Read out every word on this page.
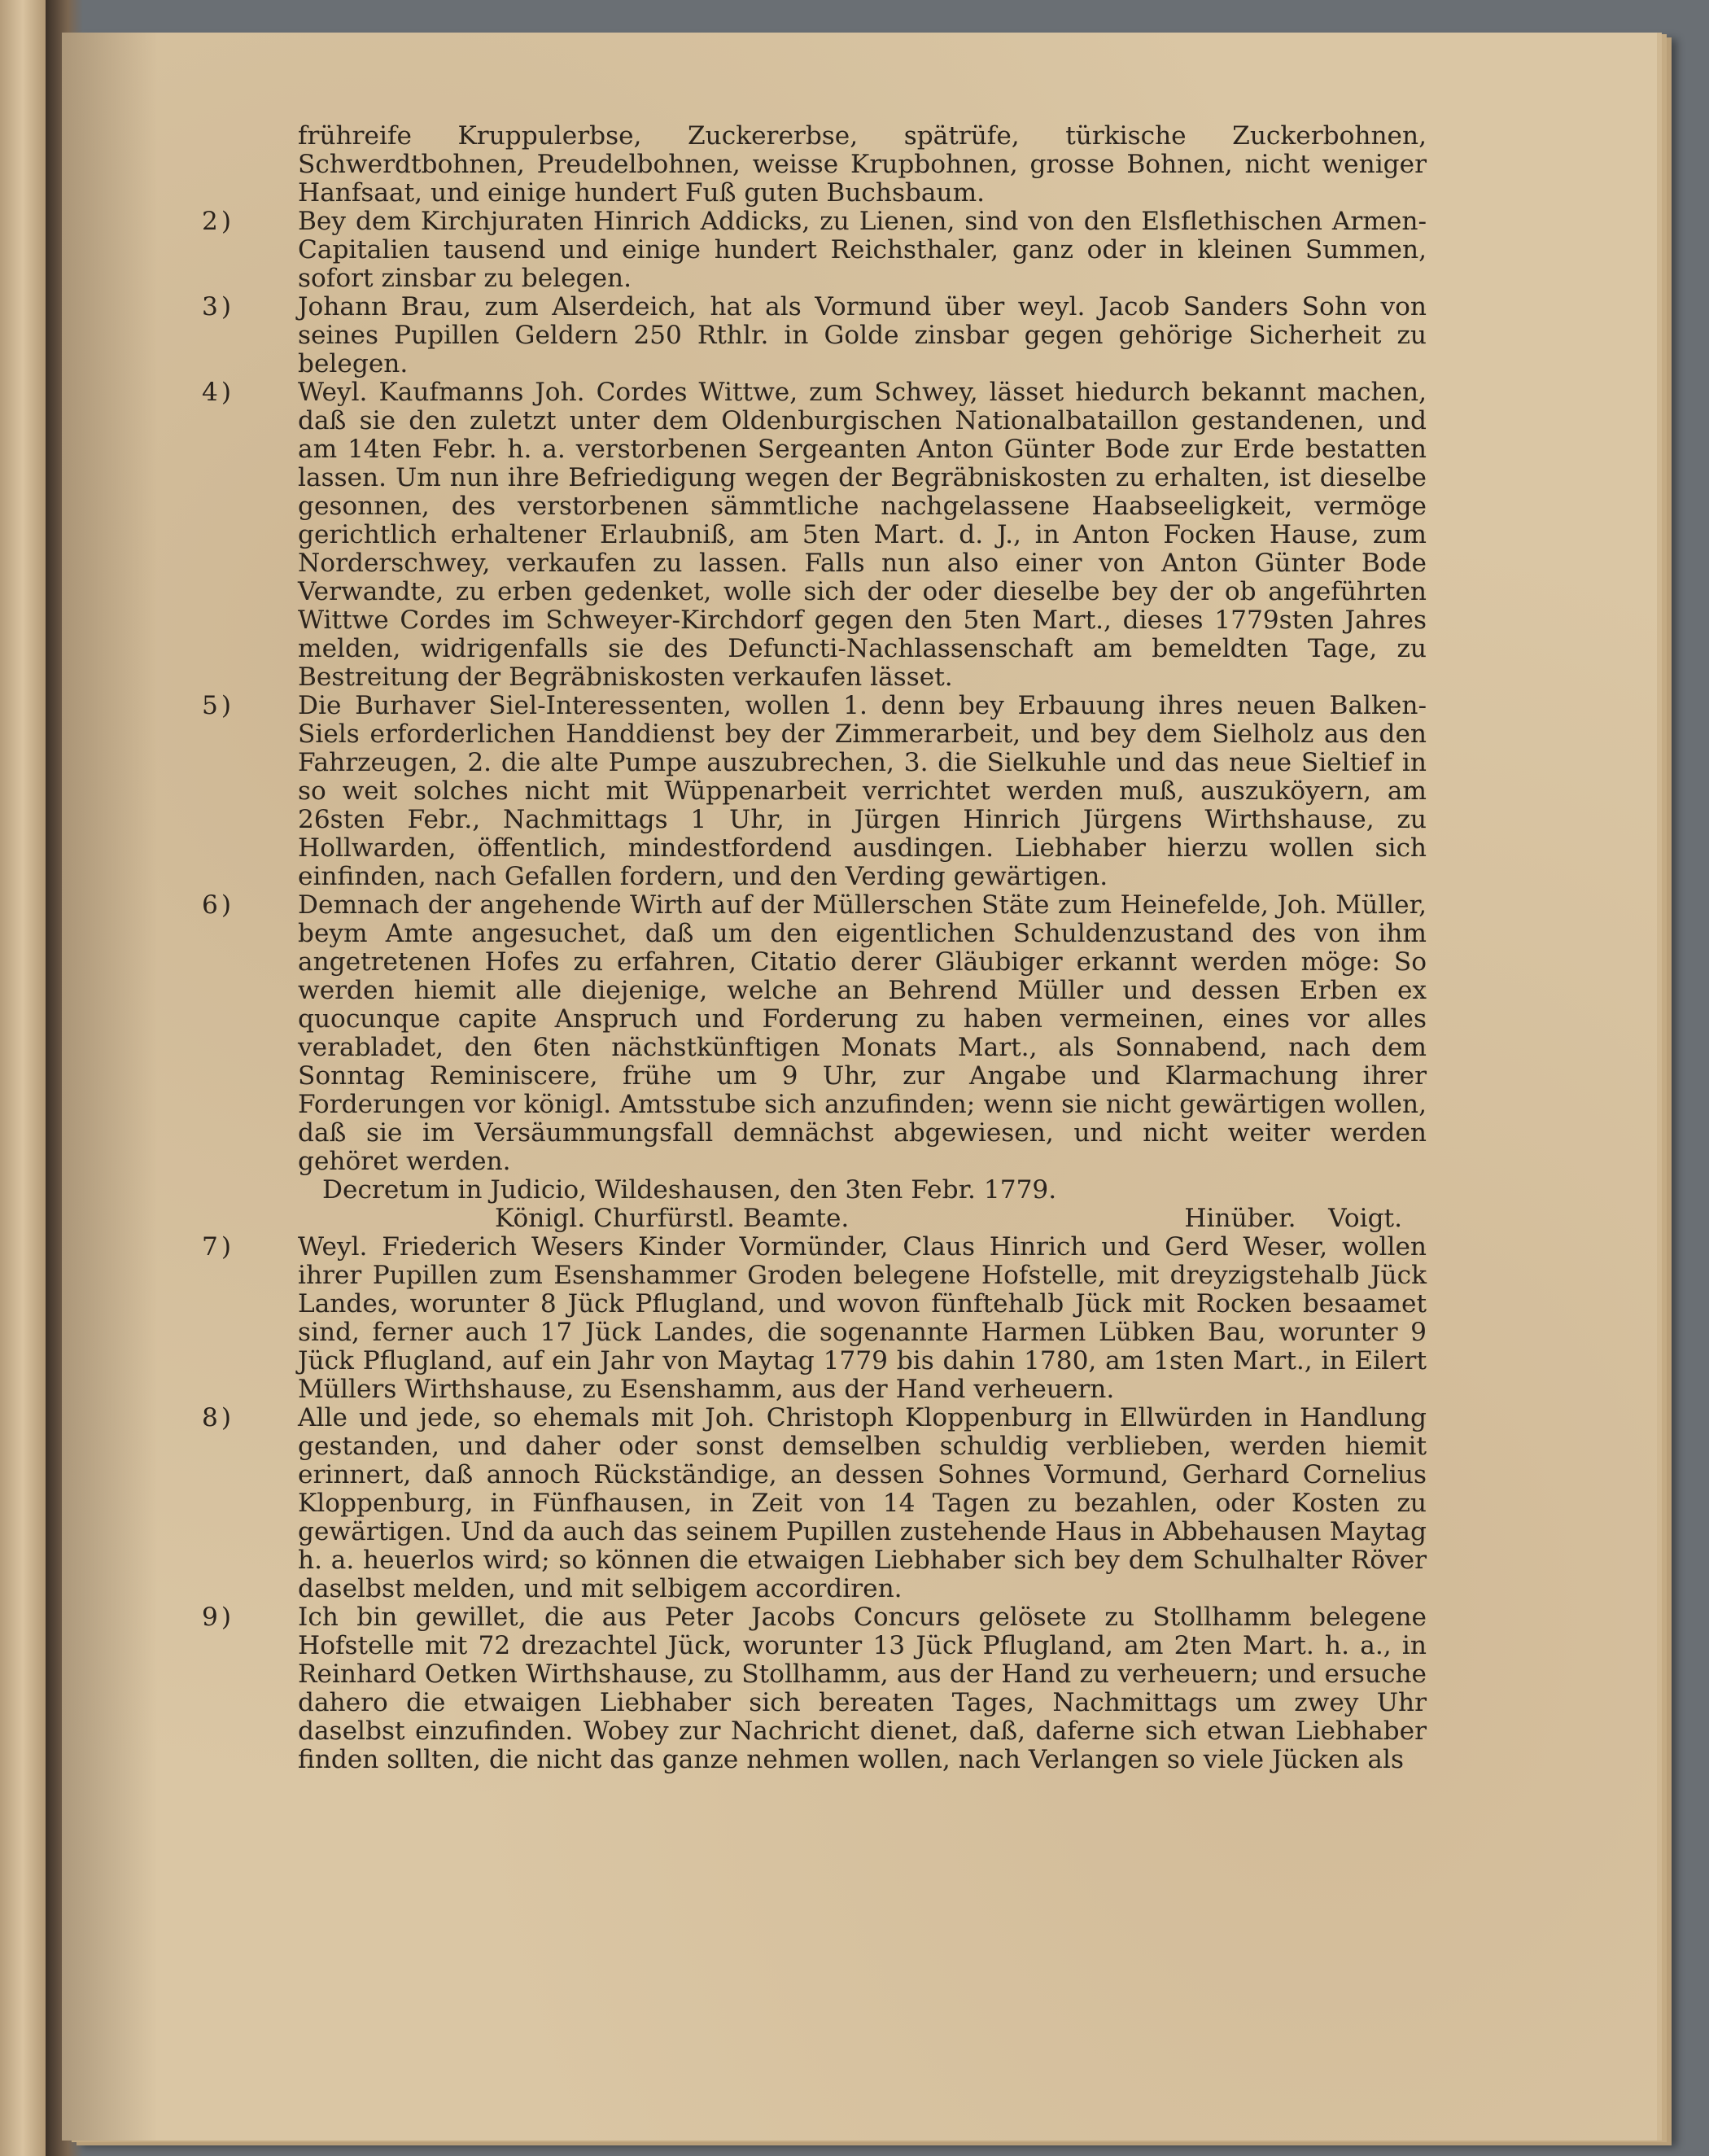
frühreife Kruppulerbse, Zuckererbse, spätrüfe, türkische Zuckerbohnen, Schwerdtbohnen, Preudelbohnen, weisse Krupbohnen, grosse Bohnen, nicht weniger Hanfsaat, und einige hundert Fuß guten Buchsbaum.

2)	Bey dem Kirchjuraten Hinrich Addicks, zu Lienen, sind von den Elsflethischen Armen-Capitalien tausend und einige hundert Reichsthaler, ganz oder in kleinen Summen, sofort zinsbar zu belegen.

3)	Johann Brau, zum Alserdeich, hat als Vormund über weyl. Jacob Sanders Sohn von seines Pupillen Geldern 250 Rthlr. in Golde zinsbar gegen gehörige Sicherheit zu belegen.

4)	Weyl. Kaufmanns Joh. Cordes Wittwe, zum Schwey, lässet hiedurch bekannt machen, daß sie den zuletzt unter dem Oldenburgischen Nationalbataillon gestandenen, und am 14ten Febr. h. a. verstorbenen Sergeanten Anton Günter Bode zur Erde bestatten lassen. Um nun ihre Befriedigung wegen der Begräbniskosten zu erhalten, ist dieselbe gesonnen, des verstorbenen sämmtliche nachgelassene Haabseeligkeit, vermöge gerichtlich erhaltener Erlaubniß, am 5ten Mart. d. J., in Anton Focken Hause, zum Norderschwey, verkaufen zu lassen. Falls nun also einer von Anton Günter Bode Verwandte, zu erben gedenket, wolle sich der oder dieselbe bey der ob angeführten Wittwe Cordes im Schweyer-Kirchdorf gegen den 5ten Mart., dieses 1779sten Jahres melden, widrigenfalls sie des Defuncti-Nachlassenschaft am bemeldten Tage, zu Bestreitung der Begräbniskosten verkaufen lässet.

5)	Die Burhaver Siel-Interessenten, wollen 1. denn bey Erbauung ihres neuen Balken-Siels erforderlichen Handdienst bey der Zimmerarbeit, und bey dem Sielholz aus den Fahrzeugen, 2. die alte Pumpe auszubrechen, 3. die Sielkuhle und das neue Sieltief in so weit solches nicht mit Wüppenarbeit verrichtet werden muß, auszuköyern, am 26sten Febr., Nachmittags 1 Uhr, in Jürgen Hinrich Jürgens Wirthshause, zu Hollwarden, öffentlich, mindestfordend ausdingen. Liebhaber hierzu wollen sich einfinden, nach Gefallen fordern, und den Verding gewärtigen.

6)	Demnach der angehende Wirth auf der Müllerschen Stäte zum Heinefelde, Joh. Müller, beym Amte angesuchet, daß um den eigentlichen Schuldenzustand des von ihm angetretenen Hofes zu erfahren, Citatio derer Gläubiger erkannt werden möge: So werden hiemit alle diejenige, welche an Behrend Müller und dessen Erben ex quocunque capite Anspruch und Forderung zu haben vermeinen, eines vor alles verabladet, den 6ten nächstkünftigen Monats Mart., als Sonnabend, nach dem Sonntag Reminiscere, frühe um 9 Uhr, zur Angabe und Klarmachung ihrer Forderungen vor königl. Amtsstube sich anzufinden; wenn sie nicht gewärtigen wollen, daß sie im Versäummungsfall demnächst abgewiesen, und nicht weiter werden gehöret werden.

Decretum in Judicio, Wildeshausen, den 3ten Febr. 1779.

Königl. Churfürstl. Beamte.	Hinüber. Voigt.
7)	Weyl. Friederich Wesers Kinder Vormünder, Claus Hinrich und Gerd Weser, wollen ihrer Pupillen zum Esenshammer Groden belegene Hofstelle, mit dreyzigstehalb Jück Landes, worunter 8 Jück Pflugland, und wovon fünftehalb Jück mit Rocken besaamet sind, ferner auch 17 Jück Landes, die sogenannte Harmen Lübken Bau, worunter 9 Jück Pflugland, auf ein Jahr von Maytag 1779 bis dahin 1780, am 1sten Mart., in Eilert Müllers Wirthshause, zu Esenshamm, aus der Hand verheuern.

8)	Alle und jede, so ehemals mit Joh. Christoph Kloppenburg in Ellwürden in Handlung gestanden, und daher oder sonst demselben schuldig verblieben, werden hiemit erinnert, daß annoch Rückständige, an dessen Sohnes Vormund, Gerhard Cornelius Kloppenburg, in Fünfhausen, in Zeit von 14 Tagen zu bezahlen, oder Kosten zu gewärtigen. Und da auch das seinem Pupillen zustehende Haus in Abbehausen Maytag h. a. heuerlos wird; so können die etwaigen Liebhaber sich bey dem Schulhalter Röver daselbst melden, und mit selbigem accordiren.

9)	Ich bin gewillet, die aus Peter Jacobs Concurs gelösete zu Stollhamm belegene Hofstelle mit 72 drezachtel Jück, worunter 13 Jück Pflugland, am 2ten Mart. h. a., in Reinhard Oetken Wirthshause, zu Stollhamm, aus der Hand zu verheuern; und ersuche dahero die etwaigen Liebhaber sich bereaten Tages, Nachmittags um zwey Uhr daselbst einzufinden. Wobey zur Nachricht dienet, daß, daferne sich etwan Liebhaber finden sollten, die nicht das ganze nehmen wollen, nach Verlangen so viele Jücken als
